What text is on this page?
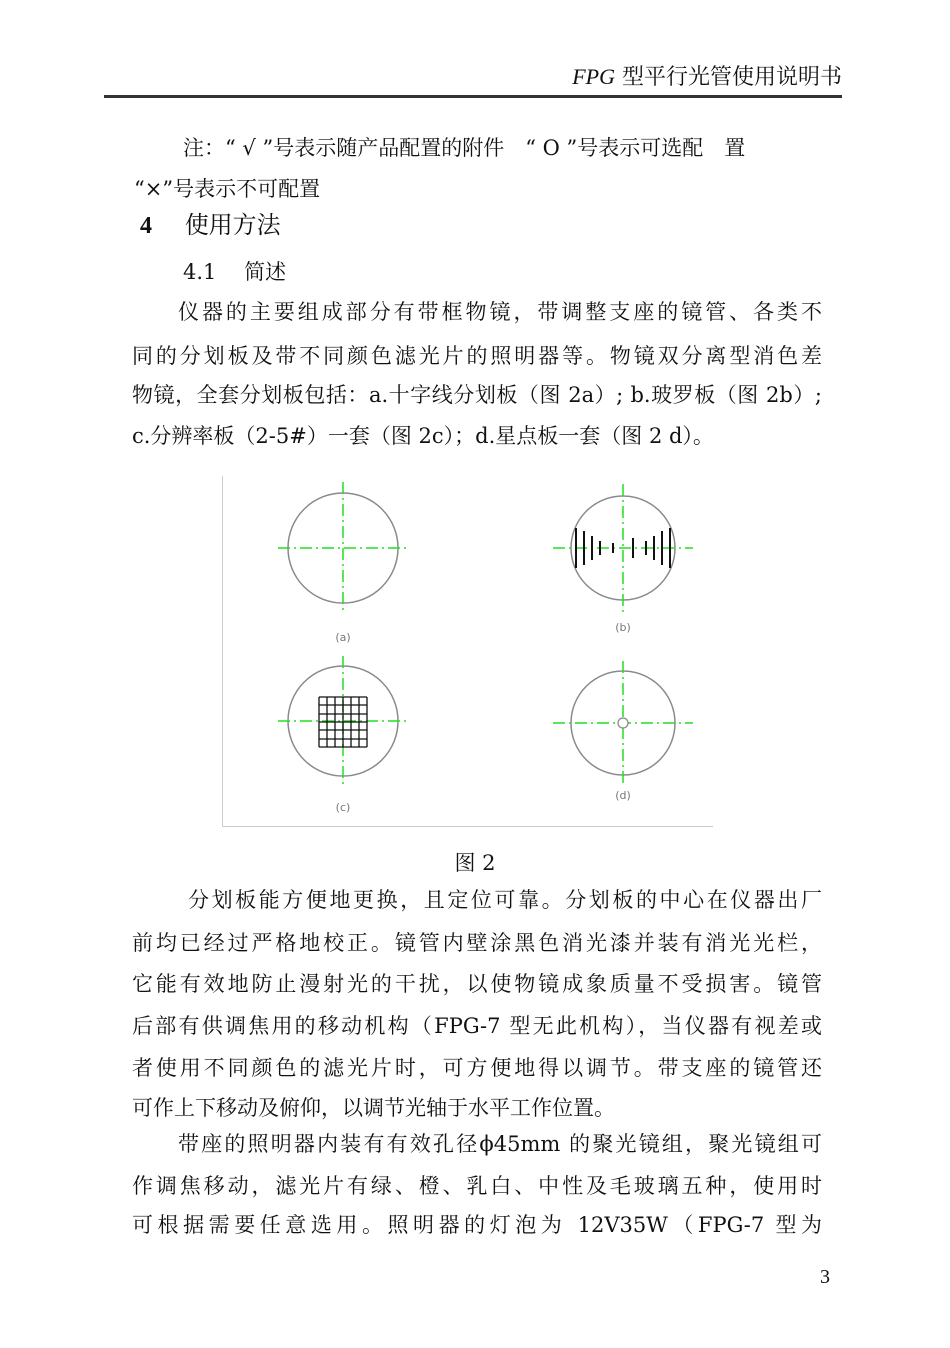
FPG 型平行光管使用说明书
注：“ √ ”号表示随产品配置的附件　“ O ”号表示可选配　置
“×”号表示不可配置
4 使用方法
4.1　 简述
仪器的主要组成部分有带框物镜，带调整支座的镜管、各类不
同的分划板及带不同颜色滤光片的照明器等。物镜双分离型消色差
物镜，全套分划板包括：a.十字线分划板（图 2a）; b.玻罗板（图 2b）;
c.分辨率板（2-5#）一套（图 2c）；d.星点板一套（图 2 d）。
(a)
(b)
(c)
(d)
图 2
分划板能方便地更换，且定位可靠。分划板的中心在仪器出厂
前均已经过严格地校正。镜管内壁涂黑色消光漆并装有消光光栏，
它能有效地防止漫射光的干扰，以使物镜成象质量不受损害。镜管
后部有供调焦用的移动机构（FPG-7 型无此机构），当仪器有视差或
者使用不同颜色的滤光片时，可方便地得以调节。带支座的镜管还
可作上下移动及俯仰，以调节光轴于水平工作位置。
带座的照明器内装有有效孔径ϕ45mm 的聚光镜组，聚光镜组可
作调焦移动，滤光片有绿、橙、乳白、中性及毛玻璃五种，使用时
可根据需要任意选用。照明器的灯泡为 12V35W（FPG-7 型为
3
